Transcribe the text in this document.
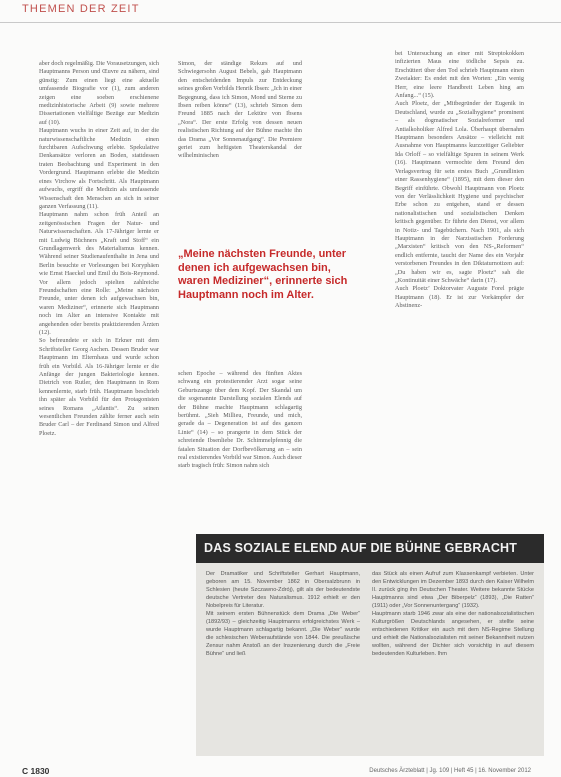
THEMEN DER ZEIT
aber doch regelmäßig. Die Vorausetzungen, sich Hauptmanns Person und Œuvre zu nähern, sind günstig: Zum einen liegt eine aktuelle umfassende Biografie vor (1), zum anderen zeigen eine soeben erschienene medizinhistorische Arbeit (9) sowie mehrere Dissertationen vielfältige Bezüge zur Medizin auf (10).
Hauptmann wuchs in einer Zeit auf, in der die naturwissenschaftliche Medizin einen furchtbaren Aufschwung erlebte. Spekulative Denkansätze verloren an Boden, stattdessen traten Beobachtung und Experiment in den Vordergrund. Hauptmann erlebte die Medizin eines Virchow als Fortschritt. Als Hauptmann aufwuchs, ergriff die Medizin als umfassende Wissenschaft den Menschen an sich in seiner ganzen Verfassung (11).
Hauptmann nahm schon früh Anteil an zeitgenössischen Fragen der Natur- und Naturwissenschaften. Als 17-Jähriger lernte er mit Ludwig Büchners „Kraft und Stoff“ ein Grundlagenwerk des Materialismus kennen. Während seiner Studienaufenthalte in Jena und Berlin besuchte er Vorlesungen bei Koryphäen wie Ernst Haeckel und Emil du Bois-Reymond. Vor allem jedoch spielten zahlreiche Freundschaften eine Rolle: „Meine nächsten Freunde, unter denen ich aufgewachsen bin, waren Mediziner“, erinnerte sich Hauptmann noch im Alter an intensive Kontakte mit angehenden oder bereits praktizierenden Ärzten (12).
So befreundete er sich in Erkner mit dem Schriftsteller Georg Aschen. Dessen Bruder war Hauptmann im Elternhaus und wurde schon früh ein Vorbild. Als 16-Jähriger lernte er die Anfänge der jungen Bakteriologie kennen. Dietrich von Rutler, den Hauptmann in Rom kennenlernte, starb früh. Hauptmann beschrieb ihn später als Vorbild für den Protagonisten seines Romans „Atlantis“. Zu seinen wesentlichen Freunden zählte ferner auch sein Bruder Carl – der Ferdinand Simon und Alfred Ploetz.
Simon, der ständige Rekurs auf und Schwiegersohn August Bebels, gab Hauptmann den entscheidenden Impuls zur Entdeckung seines großen Vorbilds Henrik Ibsen: „Ich in einer Begegnung, dass ich Simon, Mond und Sterne zu Ibsen reiben könne“ (13), schrieb Simon dem Freund 1885 nach der Lektüre von Ibsens „Nora“. Der erste Erfolg von dessen neuen realistischen Richtung auf der Bühne machte ihn das Drama „Vor Sonnenaufgang“. Die Premiere geriet zum heftigsten Theaterskandal der wilhelminischen
„Meine nächsten Freunde, unter denen ich aufgewachsen bin, waren Mediziner“, erinnerte sich Hauptmann noch im Alter.
schen Epoche – während des fünften Aktes schwang ein protestierender Arzt sogar seine Geburtszange über dem Kopf. Der Skandal um die sogenannte Darstellung sozialen Elends auf der Bühne machte Hauptmann schlagartig berühmt. „Sieh Millieu, Freunde, und mich, gerade da – Degeneration ist auf des ganzen Linie“ (14) – so prangerte in dem Stück der schreiende Ibsenliebe Dr. Schimmelpfennig die fatalen Situation der Dorfbevölkerung an – sein real existierendes Vorbild war Simon. Auch dieser starb tragisch früh: Simon nahm sich
bei Untersuchung an einer mit Streptokokken infizierten Maus eine tödliche Sepsis zu. Erschüttert über den Tod schrieb Hauptmann einen Zweiakter: Es endet mit den Worten: „Ein wenig Herr, eine leere Handbreit Leben hing am Anfang...“ (15).
Auch Ploetz, der „Mitbegründer der Eugenik in Deutschland, wurde zu „Sozialhygiene“ prominent – als dogmatischer Sozialreformer und Antialkoholiker Alfred Lola. Überhaupt übernahm Hauptmann besonders Ansätze – vielleicht mit Ausnahme von Hauptmanns kurzzeitiger Geliebter Ida Orloff – so vielfältige Spuren in seinem Werk (16). Hauptmann vermochte dem Freund den Verlagsvertrag für sein erstes Buch „Grundlinien einer Rassenhygiene“ (1895), mit dem dieser den Begriff einführte. Obwohl Hauptmann von Ploetz von der Verlässlichkeit Hygiene und psychischer Erbe schon zu entgehen, stand er dessen nationalistischen und sozialistischen Denken kritisch gegenüber. Er führte den Dienst, vor allem in Notiz- und Tagebüchern. Nach 1901, als sich Hauptmann in der Narzisstischen Forderung „Marxisten“ kritisch von den NS-„Reformen“ endlich entfernte, taucht der Name des ein Vorjahr verstorbenen Freundes in den Diktaturnotizen auf: „Du haben wir es, sagte Ploetz“ sah die „Kontinuität einer Schwäche“ darin (17).
Auch Ploetz’ Doktorvater Auguste Forel prägte Hauptmann (18). Er ist zur Vorkämpfer der Abstinenz-
DAS SOZIALE ELEND AUF DIE BÜHNE GEBRACHT
Der Dramatiker und Schriftsteller Gerhart Hauptmann, geboren am 15. November 1862 in Obersalzbrunn in Schlesien (heute Szczawno-Zdrój), gilt als der bedeutendste deutsche Vertreter des Naturalismus. 1912 erhielt er den Nobelpreis für Literatur.
Mit seinem ersten Bühnenstück dem Drama „Die Weber“ (1892/93) – gleichzeitig Hauptmanns erfolgreichstes Werk – wurde Hauptmann schlagartig bekannt. „Die Weber“ wurde die schlesischen Weberaufstände von 1844. Die preußische Zensur nahm Anstoß an der Inszenierung durch die „Freie Bühne“ und ließ
das Stück als einen Aufruf zum Klassenkampf verbieten. Unter den Entwicklungen im Dezember 1893 durch den Kaiser Wilhelm II. zurück ging ihn Deutschen Theater. Weitere bekannte Stücke Hauptmanns sind etwa „Der Biberpelz“ (1893), „Die Ratten“ (1911) oder „Vor Sonnenuntergang“ (1932).
Hauptmann starb 1946 zwar als eine der nationalsozialistischen Kulturgrößen Deutschlands angesehen, er stellte seine entschiedenen Kritiker ein auch mit dem NS-Regime Stellung und erhielt die Nationalsozialisten mit seiner Bekanntheit nutzen wollten, während der Dichter sich vorsichtig in auf diesem bedeutenden Kulturleben. Ihm
C 1830	Deutsches Ärzteblatt | Jg. 109 | Heft 45 | 16. November 2012
